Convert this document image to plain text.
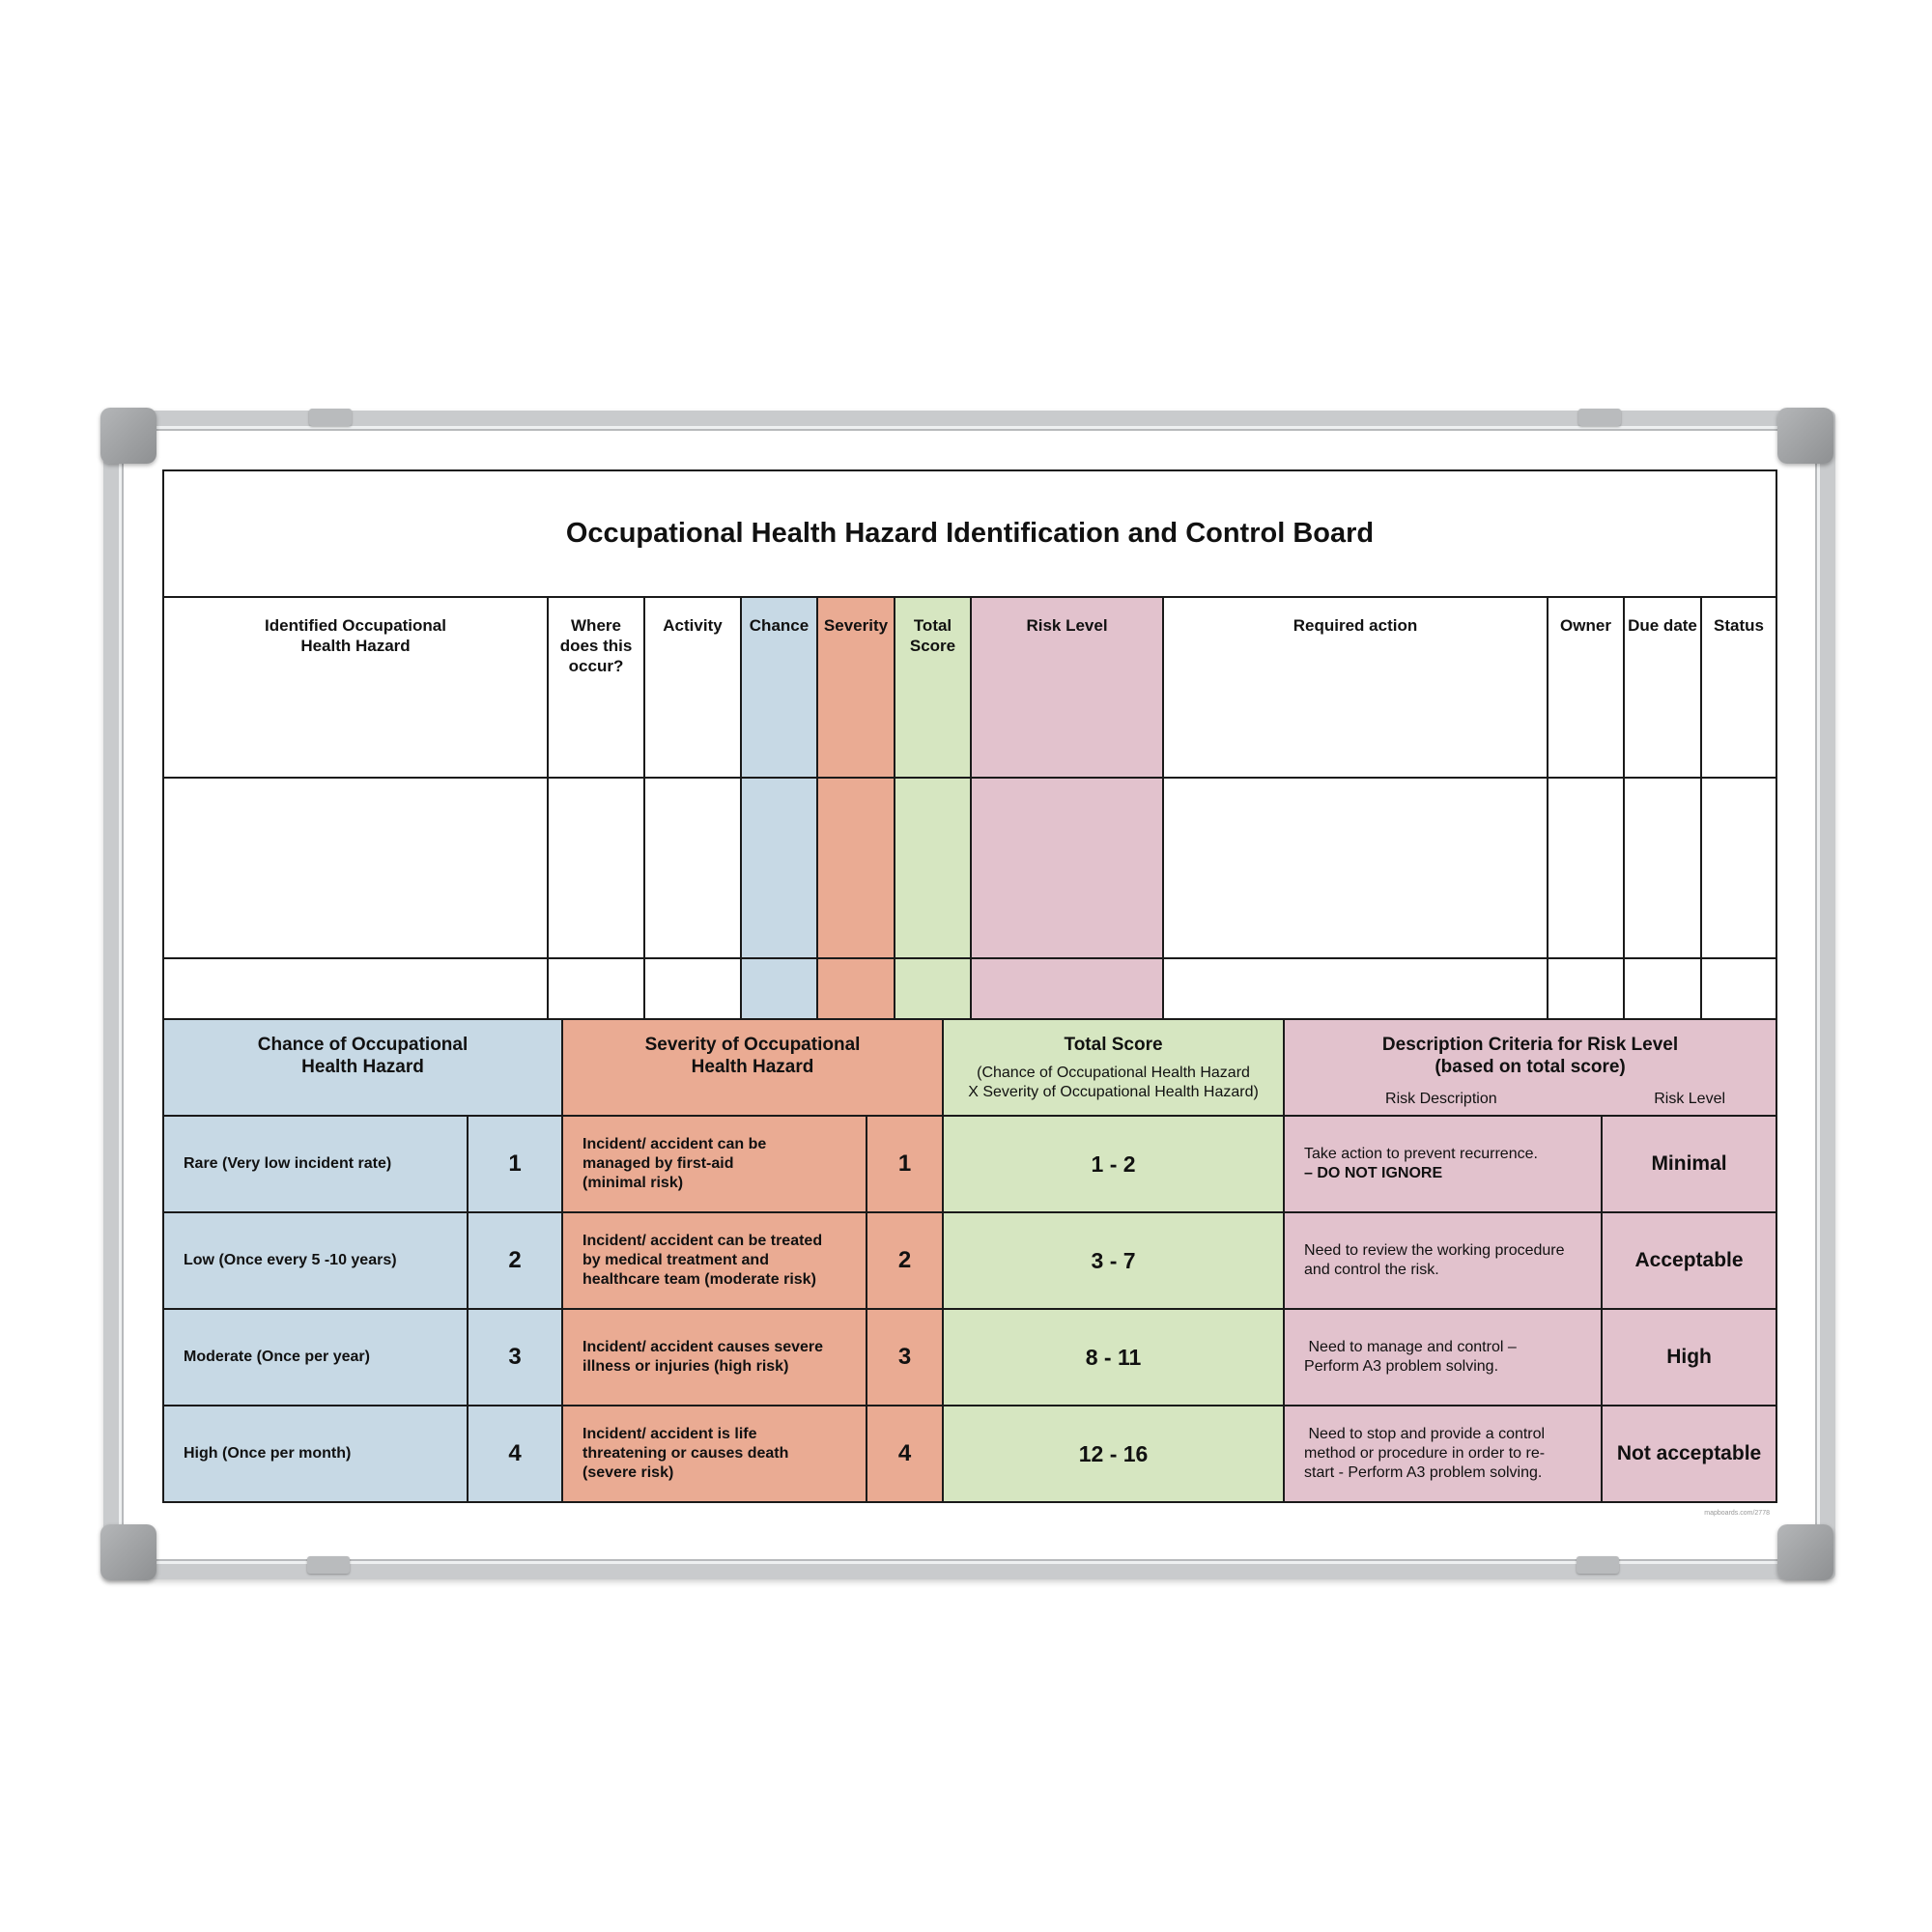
Occupational Health Hazard Identification and Control Board										
Identified Occupational
Health Hazard	Where
does this
occur?	Activity	Chance	Severity	Total
Score	Risk Level	Required action	Owner	Due date	Status

Chance of Occupational
Health Hazard		Severity of Occupational
Health Hazard		Total Score
(Chance of Occupational Health Hazard
X Severity of Occupational Health Hazard)	Description Criteria for Risk Level
(based on total score)
Risk Description Risk Level	

Rare (Very low incident rate)	1	Incident/ accident can be
managed by first-aid
(minimal risk)	1	1 - 2	Take action to prevent recurrence.
– DO NOT IGNORE	Minimal
Low (Once every 5 -10 years)	2	Incident/ accident can be treated
by medical treatment and
healthcare team (moderate risk)	2	3 - 7	Need to review the working procedure
and control the risk.	Acceptable
Moderate (Once per year)	3	Incident/ accident causes severe
illness or injuries (high risk)	3	8 - 11	Need to manage and control –
Perform A3 problem solving.	High
High (Once per month)	4	Incident/ accident is life
threatening or causes death
(severe risk)	4	12 - 16	Need to stop and provide a control
method or procedure in order to re-
start - Perform A3 problem solving.	Not acceptable
mapboards.com/2778
